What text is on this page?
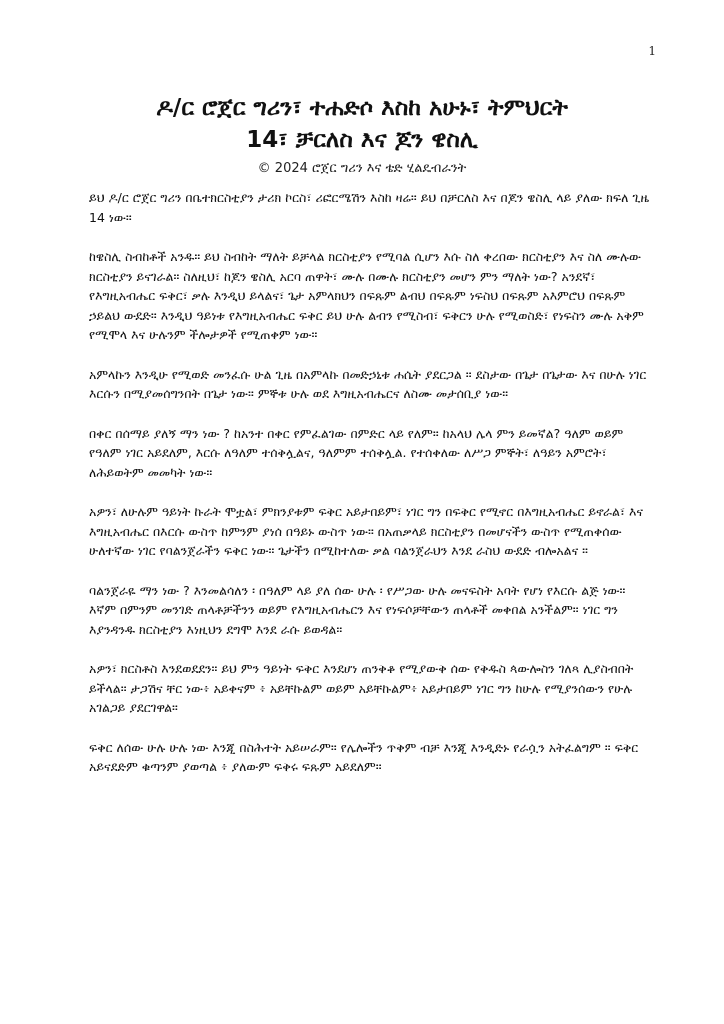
1

ዶ/ር ሮጀር ግሪን፣ ተሐድሶ እስከ አሁኑ፣ ትምህርት

14፣ ቻርለስ እና ጆን ዌስሊ

© 2024 ሮጀር ግሪን እና ቴድ ሂልዴብራንት

ይህ ዶ/ር ሮጀር ግሪን በቤተክርስቲያን ታሪክ ኮርስ፣ ሪፎርሜሽን እስከ ዛሬ። ይህ በቻርለስ እና በጆን ዌስሊ ላይ ያለው ክፍለ ጊዜ 14 ነው።

ከዌስሊ ስብከቶች አንዱ። ይህ ስብከት ማለት ይቻላል ክርስቲያን የሚባል ሲሆን እሱ ስለ ቀረበው ክርስቲያን እና ስለ ሙሉው ክርስቲያን ይናገራል። ስለዚህ፣ ከጆን ዌስሊ አርባ ጠዋት፣ ሙሉ በሙሉ ክርስቲያን መሆን ምን ማለት ነው? አንደኛ፣ የእግዚአብሔር ፍቅር፣ ቃሉ እንዲህ ይላልና፣ ጌታ አምላክህን በፍጹም ልብህ በፍጹም ነፍስህ በፍጹም አእምሮህ በፍጹም ኃይልህ ውደድ። እንዲህ ዓይነቱ የእግዚአብሔር ፍቅር ይህ ሁሉ ልብን የሚስብ፣ ፍቅርን ሁሉ የሚወስድ፣ የነፍስን ሙሉ አቅም የሚሞላ እና ሁሉንም ችሎታዎች የሚጠቀም ነው።

አምላኩን እንዲሁ የሚወድ መንፈሱ ሁል ጊዜ በአምላኩ በመድኃኒቱ ሐሴት ያደርጋል ። ደስታው በጌታ በጌታው እና በሁሉ ነገር እርሱን በሚያመሰግንበት በጌታ ነው። ምኞቱ ሁሉ ወደ እግዚአብሔርና ለስሙ መታሰቢያ ነው።

በቀር በሰማይ ያለኝ ማን ነው ? ከአንተ በቀር የምፈልገው በምድር ላይ የለም። ከአላህ ሌላ ምን ይመኛል? ዓለም ወይም የዓለም ነገር አይደለም, እርሱ ለዓለም ተሰቅሏልና, ዓለምም ተሰቅሏል. የተሰቀለው ለሥጋ ምኞት፣ ለዓይን አምሮት፣ ለሕይወትም መመካት ነው።

አዎን፣ ለሁሉም ዓይነት ኩራት ሞቷል፣ ምክንያቱም ፍቅር አይታበይም፣ ነገር ግን በፍቅር የሚኖር በእግዚአብሔር ይኖራል፣ እና እግዚአብሔር በእርሱ ውስጥ ከምንም ያነሰ በዓይኑ ውስጥ ነው። በአጠቃላይ ክርስቲያን በመሆናችን ውስጥ የሚጠቀሰው ሁለተኛው ነገር የባልንጀራችን ፍቅር ነው። ጌታችን በሚከተለው ቃል ባልንጀራህን እንደ ራስህ ውደድ ብሎአልና ።

ባልንጀራዬ ማን ነው ? እንመልሳለን ፡ በዓለም ላይ ያለ ሰው ሁሉ ፡ የሥጋው ሁሉ መናፍስት አባት የሆነ የእርሱ ልጅ ነው። እኛም በምንም መንገድ ጠላቶቻችንን ወይም የእግዚአብሔርን እና የነፍሶቻቸውን ጠላቶች መቀበል አንችልም። ነገር ግን እያንዳንዱ ክርስቲያን እነዚህን ደግሞ እንደ ራሱ ይወዳል።

አዎን፣ ክርስቶስ እንደወደደን። ይህ ምን ዓይነት ፍቅር እንደሆነ ጠንቅቆ የሚያውቅ ሰው የቅዱስ ጳውሎስን ገለጻ ሊያስብበት ይችላል። ታጋሽና ቸር ነው፥ አይቀናም ፥ አይቸኩልም ወይም አይቸኩልም፥ አይታበይም ነገር ግን ከሁሉ የሚያንሰውን የሁሉ አገልጋይ ያደርገዋል።

ፍቅር ለሰው ሁሉ ሁሉ ነው እንጂ በስሕተት አይሠራም። የሌሎችን ጥቅም ብቻ እንጂ እንዲድኑ የራሷን አትፈልግም ። ፍቅር አይናደድም ቁጣንም ያወጣል ፥ ያለውም ፍቅሩ ፍጹም አይደለም።
